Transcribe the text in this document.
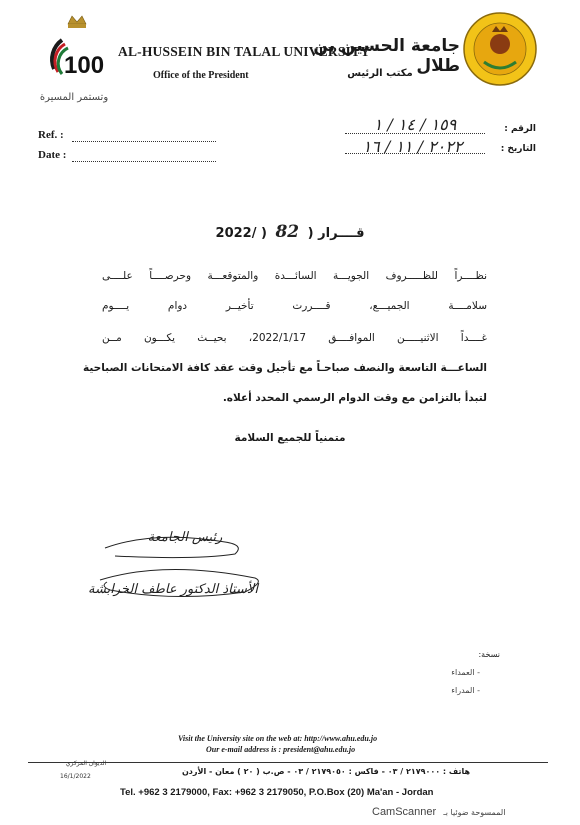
100
وتستمر المسيرة
AL-HUSSEIN BIN TALAL UNIVERSITY
Office of the President
جامعة الحسين بن طلال
مكتب الرئيس
Ref. :
Date :
الرقم :
التاريخ :
١٥٩ / ١٤ / ١
٢٠٢٢ / ١١ / ١٦
2022/ ) 82 قــــرار (
نظــــراً للظـــــروف الجويـــة السائـــدة والمتوقعـــة وحرصــــاً علــــى
سلامــــة الجميـــع، قــــررت تأخيــر دوام يــــوم
غــــداً الاثنيـــــن الموافــــق 2022/1/17، بحيــث يكـــون مــن
الساعـــة التاسعة والنصف صباحـاً مع تأجيل وقت عقد كافة الامتحانات الصباحية
لتبدأ بالتزامن مع وقت الدوام الرسمي المحدد أعلاه.
متمنياً للجميع السلامة
رئيس الجامعة
الأستاذ الدكتور عاطف الخرابشة
نسخة:
- العمداء
- المدراء
Visit the University site on the web at: http://www.ahu.edu.jo
Our e-mail address is : president@ahu.edu.jo
الديوان المركزي
16/1/2022
هاتف : ٢١٧٩٠٠٠ / ٠٣ - فاكس : ٢١٧٩٠٥٠ / ٠٣ - ص.ب ( ٢٠ ) معان - الأردن
Tel. +962 3 2179000, Fax: +962 3 2179050, P.O.Box (20) Ma'an - Jordan
CamScanner الممسوحة ضوئيا بـ
